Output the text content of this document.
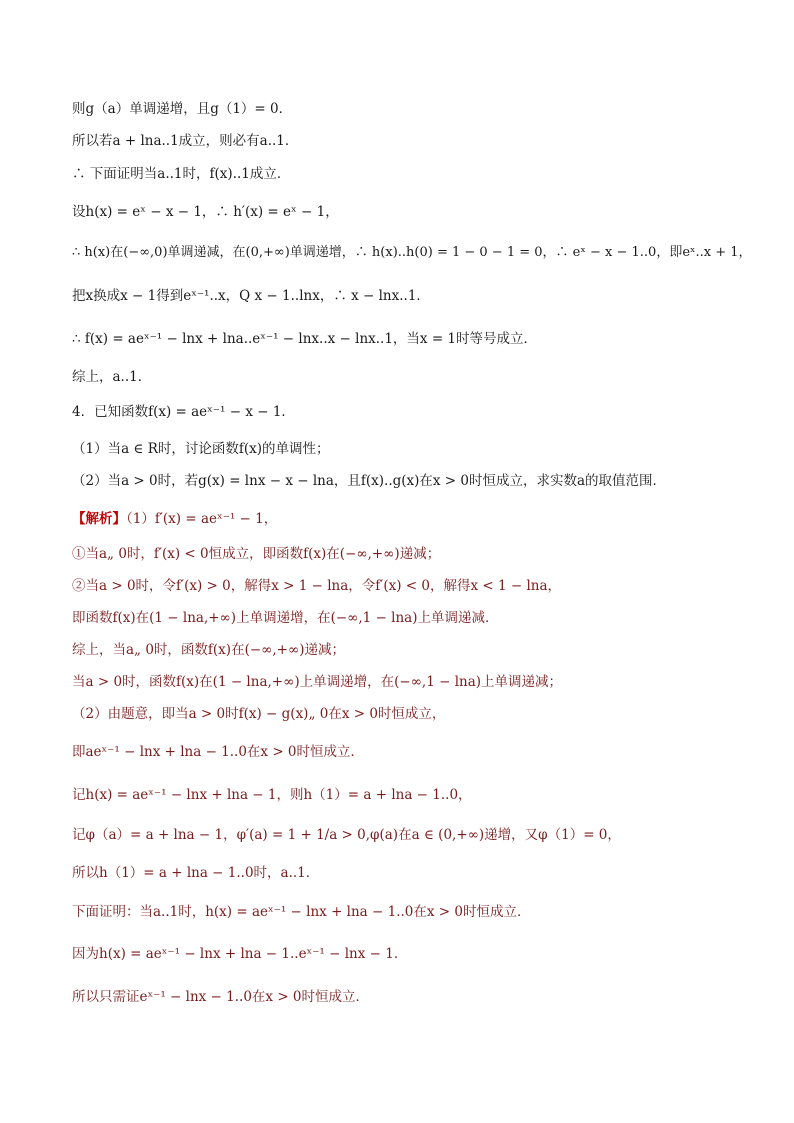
则g（a）单调递增，且g（1）= 0．
所以若a + lna..1成立，则必有a..1．
∴ 下面证明当a..1时，f(x)..1成立．
设h(x) = eˣ − x − 1，∴ h′(x) = eˣ − 1，
∴ h(x)在(−∞,0)单调递减，在(0,+∞)单调递增，∴ h(x)..h(0) = 1 − 0 − 1 = 0，∴ eˣ − x − 1..0，即eˣ..x + 1，
把x换成x − 1得到eˣ⁻¹..x，Q x − 1..lnx，∴ x − lnx..1．
∴ f(x) = aeˣ⁻¹ − lnx + lna..eˣ⁻¹ − lnx..x − lnx..1，当x = 1时等号成立．
综上，a..1．
4．已知函数f(x) = aeˣ⁻¹ − x − 1．
（1）当a ∈ R时，讨论函数f(x)的单调性；
（2）当a > 0时，若g(x) = lnx − x − lna，且f(x)..g(x)在x > 0时恒成立，求实数a的取值范围．
【解析】（1）f′(x) = aeˣ⁻¹ − 1，
①当a„ 0时，f′(x) < 0恒成立，即函数f(x)在(−∞,+∞)递减；
②当a > 0时，令f′(x) > 0，解得x > 1 − lna，令f′(x) < 0，解得x < 1 − lna，
即函数f(x)在(1 − lna,+∞)上单调递增，在(−∞,1 − lna)上单调递减．
综上，当a„ 0时，函数f(x)在(−∞,+∞)递减；
当a > 0时，函数f(x)在(1 − lna,+∞)上单调递增，在(−∞,1 − lna)上单调递减；
（2）由题意，即当a > 0时f(x) − g(x)„ 0在x > 0时恒成立，
即aeˣ⁻¹ − lnx + lna − 1..0在x > 0时恒成立．
记h(x) = aeˣ⁻¹ − lnx + lna − 1，则h（1）= a + lna − 1..0，
记φ（a）= a + lna − 1，φ′(a) = 1 + 1/a > 0,φ(a)在a ∈ (0,+∞)递增，又φ（1）= 0，
所以h（1）= a + lna − 1..0时，a..1．
下面证明：当a..1时，h(x) = aeˣ⁻¹ − lnx + lna − 1..0在x > 0时恒成立．
因为h(x) = aeˣ⁻¹ − lnx + lna − 1..eˣ⁻¹ − lnx − 1．
所以只需证eˣ⁻¹ − lnx − 1..0在x > 0时恒成立．
